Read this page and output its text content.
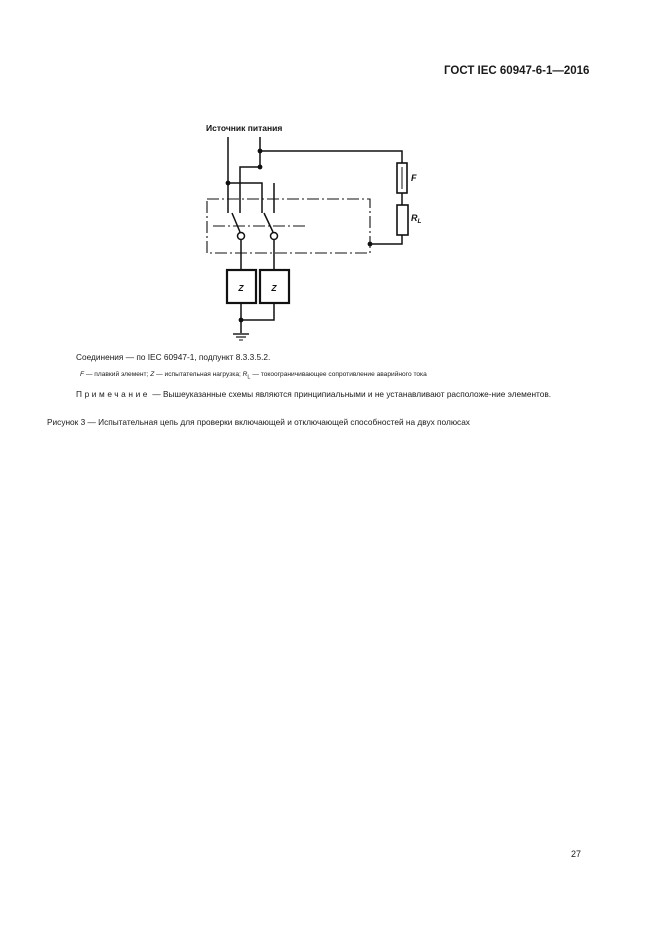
ГОСТ IEC 60947-6-1—2016
Источник питания
F
$R_L$
Z	Z
Соединения — по IEC 60947-1, подпункт 8.3.3.5.2.
F — плавкий элемент; Z — испытательная нагрузка; $R_L$ — токоограничивающее сопротивление аварийного тока
Примечание — Вышеуказанные схемы являются принципиальными и не устанавливают расположе-ние элементов.
Рисунок 3 — Испытательная цепь для проверки включающей и отключающей способностей на двух полюсах
27
